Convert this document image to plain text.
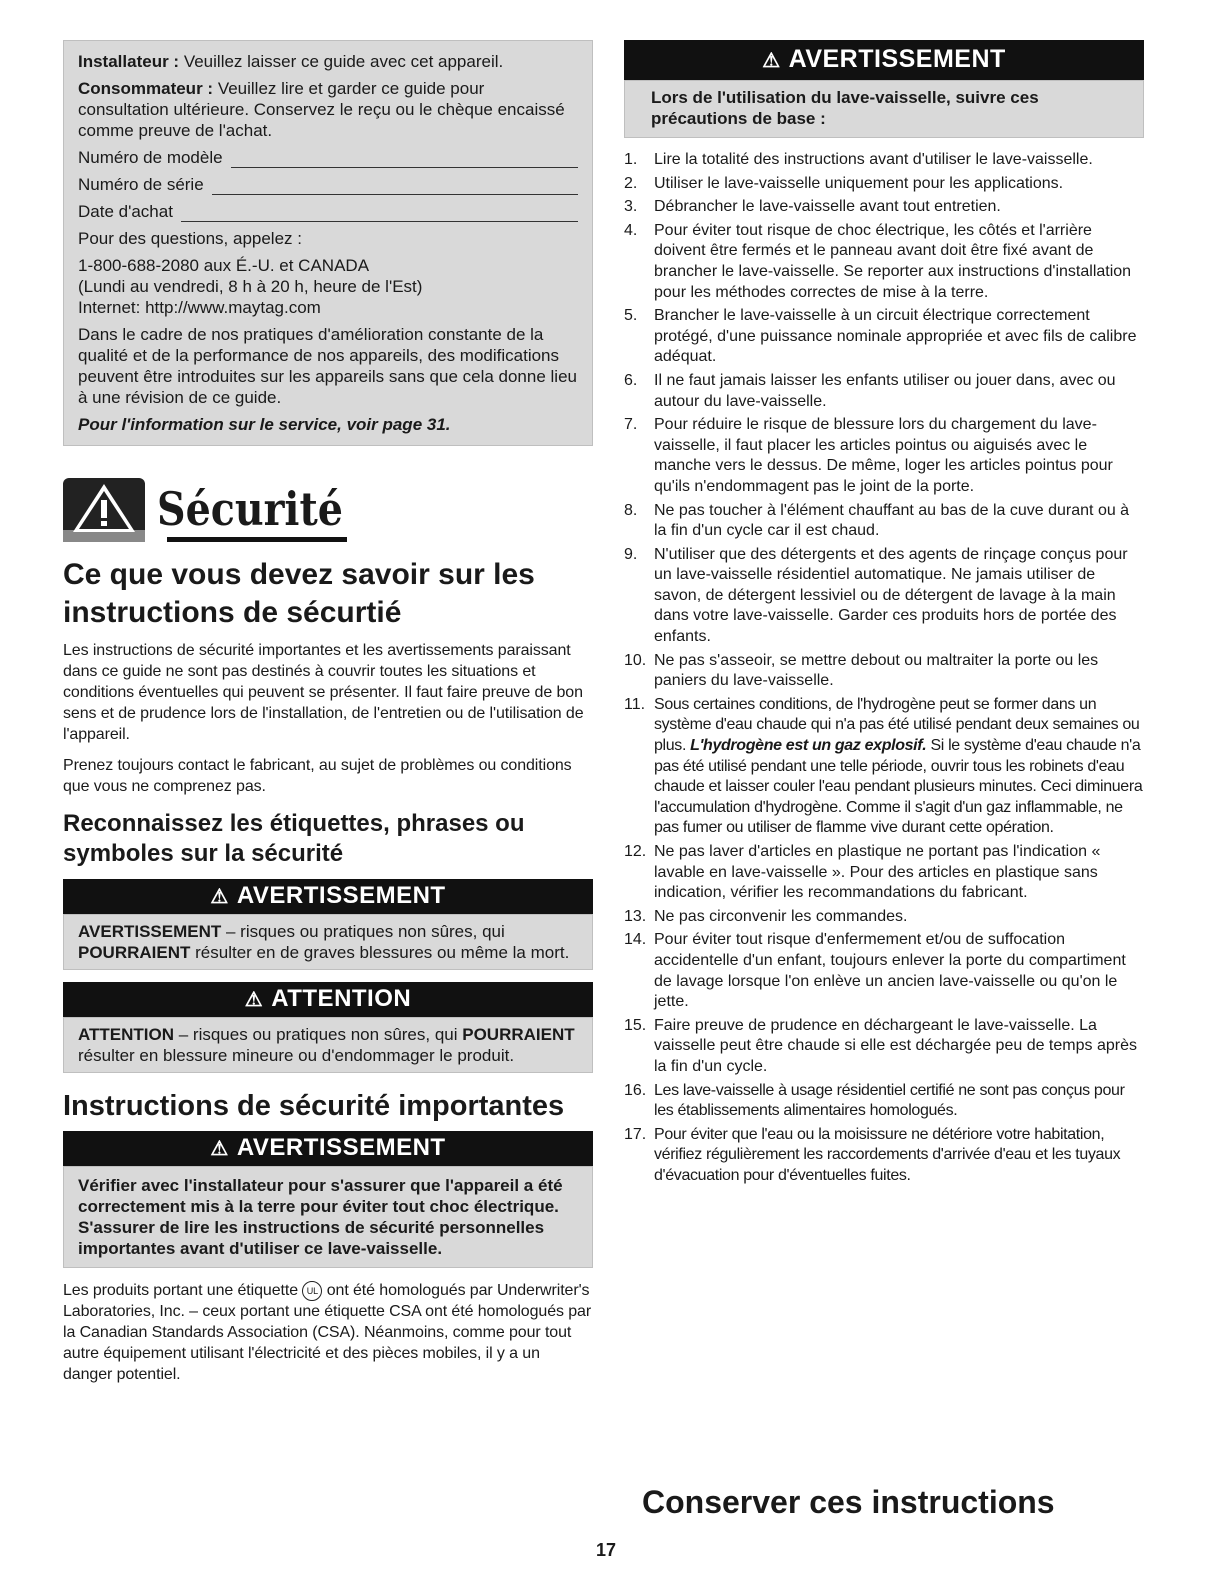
Installateur : Veuillez laisser ce guide avec cet appareil.

Consommateur : Veuillez lire et garder ce guide pour consultation ultérieure. Conservez le reçu ou le chèque encaissé comme preuve de l'achat.

Numéro de modèle
Numéro de série
Date d'achat

Pour des questions, appelez :

1-800-688-2080 aux É.-U. et CANADA

(Lundi au vendredi, 8 h à 20 h, heure de l'Est)

Internet: http://www.maytag.com

Dans le cadre de nos pratiques d'amélioration constante de la qualité et de la performance de nos appareils, des modifications peuvent être introduites sur les appareils sans que cela donne lieu à une révision de ce guide.

Pour l'information sur le service, voir page 31.

Sécurité
Ce que vous devez savoir sur les instructions de sécurtié

Les instructions de sécurité importantes et les avertissements paraissant dans ce guide ne sont pas destinés à couvrir toutes les situations et conditions éventuelles qui peuvent se présenter. Il faut faire preuve de bon sens et de prudence lors de l'installation, de l'entretien ou de l'utilisation de l'appareil.

Prenez toujours contact le fabricant, au sujet de problèmes ou conditions que vous ne comprenez pas.

Reconnaissez les étiquettes, phrases ou symboles sur la sécurité
⚠ AVERTISSEMENT

AVERTISSEMENT – risques ou pratiques non sûres, qui POURRAIENT résulter en de graves blessures ou même la mort.

⚠ ATTENTION

ATTENTION – risques ou pratiques non sûres, qui POURRAIENT résulter en blessure mineure ou d'endommager le produit.

Instructions de sécurité importantes
⚠ AVERTISSEMENT

Vérifier avec l'installateur pour s'assurer que l'appareil a été correctement mis à la terre pour éviter tout choc électrique. S'assurer de lire les instructions de sécurité personnelles importantes avant d'utiliser ce lave-vaisselle.

Les produits portant une étiquette UL ont été homologués par Underwriter's Laboratories, Inc. – ceux portant une étiquette CSA ont été homologués par la Canadian Standards Association (CSA). Néanmoins, comme pour tout autre équipement utilisant l'électricité et des pièces mobiles, il y a un danger potentiel.

⚠ AVERTISSEMENT

Lors de l'utilisation du lave-vaisselle, suivre ces précautions de base :

1.	Lire la totalité des instructions avant d'utiliser le lave-vaisselle.
2.	Utiliser le lave-vaisselle uniquement pour les applications.
3.	Débrancher le lave-vaisselle avant tout entretien.
4.	Pour éviter tout risque de choc électrique, les côtés et l'arrière doivent être fermés et le panneau avant doit être fixé avant de brancher le lave-vaisselle. Se reporter aux instructions d'installation pour les méthodes correctes de mise à la terre.
5.	Brancher le lave-vaisselle à un circuit électrique correctement protégé, d'une puissance nominale appropriée et avec fils de calibre adéquat.
6.	Il ne faut jamais laisser les enfants utiliser ou jouer dans, avec ou autour du lave-vaisselle.
7.	Pour réduire le risque de blessure lors du chargement du lave-vaisselle, il faut placer les articles pointus ou aiguisés avec le manche vers le dessus. De même, loger les articles pointus pour qu'ils n'endommagent pas le joint de la porte.
8.	Ne pas toucher à l'élément chauffant au bas de la cuve durant ou à la fin d'un cycle car il est chaud.
9.	N'utiliser que des détergents et des agents de rinçage conçus pour un lave-vaisselle résidentiel automatique. Ne jamais utiliser de savon, de détergent lessiviel ou de détergent de lavage à la main dans votre lave-vaisselle. Garder ces produits hors de portée des enfants.
10. Ne pas s'asseoir, se mettre debout ou maltraiter la porte ou les paniers du lave-vaisselle.
11. Sous certaines conditions, de l'hydrogène peut se former dans un système d'eau chaude qui n'a pas été utilisé pendant deux semaines ou plus. L'hydrogène est un gaz explosif. Si le système d'eau chaude n'a pas été utilisé pendant une telle période, ouvrir tous les robinets d'eau chaude et laisser couler l'eau pendant plusieurs minutes. Ceci diminuera l'accumulation d'hydrogène. Comme il s'agit d'un gaz inflammable, ne pas fumer ou utiliser de flamme vive durant cette opération.
12. Ne pas laver d'articles en plastique ne portant pas l'indication « lavable en lave-vaisselle ». Pour des articles en plastique sans indication, vérifier les recommandations du fabricant.
13. Ne pas circonvenir les commandes.
14. Pour éviter tout risque d'enfermement et/ou de suffocation accidentelle d'un enfant, toujours enlever la porte du compartiment de lavage lorsque l'on enlève un ancien lave-vaisselle ou qu'on le jette.
15. Faire preuve de prudence en déchargeant le lave-vaisselle. La vaisselle peut être chaude si elle est déchargée peu de temps après la fin d'un cycle.
16. Les lave-vaisselle à usage résidentiel certifié ne sont pas conçus pour les établissements alimentaires homologués.
17. Pour éviter que l'eau ou la moisissure ne détériore votre habitation, vérifiez régulièrement les raccordements d'arrivée d'eau et les tuyaux d'évacuation pour d'éventuelles fuites.
Conserver ces instructions
17
